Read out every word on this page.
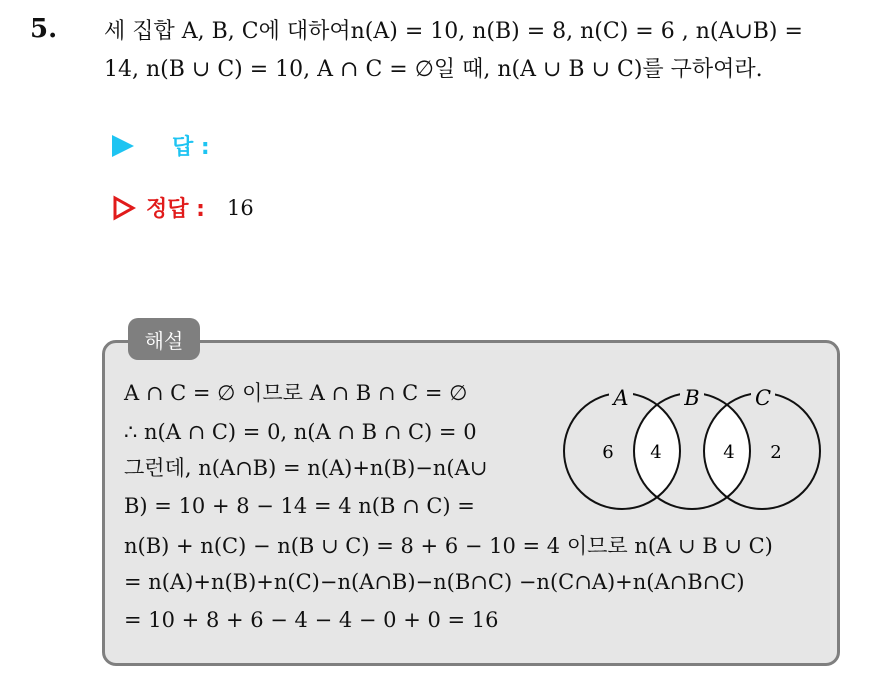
5. 세 집합 A, B, C에 대하여n(A) = 10, n(B) = 8, n(C) = 6 , n(A∪B) =
14, n(B ∪ C) = 10, A ∩ C = ∅일 때, n(A ∪ B ∪ C)를 구하여라.
답 :
정답 : 16
해설
A ∩ C = ∅ 이므로 A ∩ B ∩ C = ∅
∴ n(A ∩ C) = 0, n(A ∩ B ∩ C) = 0
그런데, n(A∩B) = n(A)+n(B)−n(A∪
B) = 10 + 8 − 14 = 4 n(B ∩ C) =
n(B) + n(C) − n(B ∪ C) = 8 + 6 − 10 = 4 이므로 n(A ∪ B ∪ C)
= n(A)+n(B)+n(C)−n(A∩B)−n(B∩C) −n(C∩A)+n(A∩B∩C)
= 10 + 8 + 6 − 4 − 4 − 0 + 0 = 16
A	B	C
6 4	4 2
